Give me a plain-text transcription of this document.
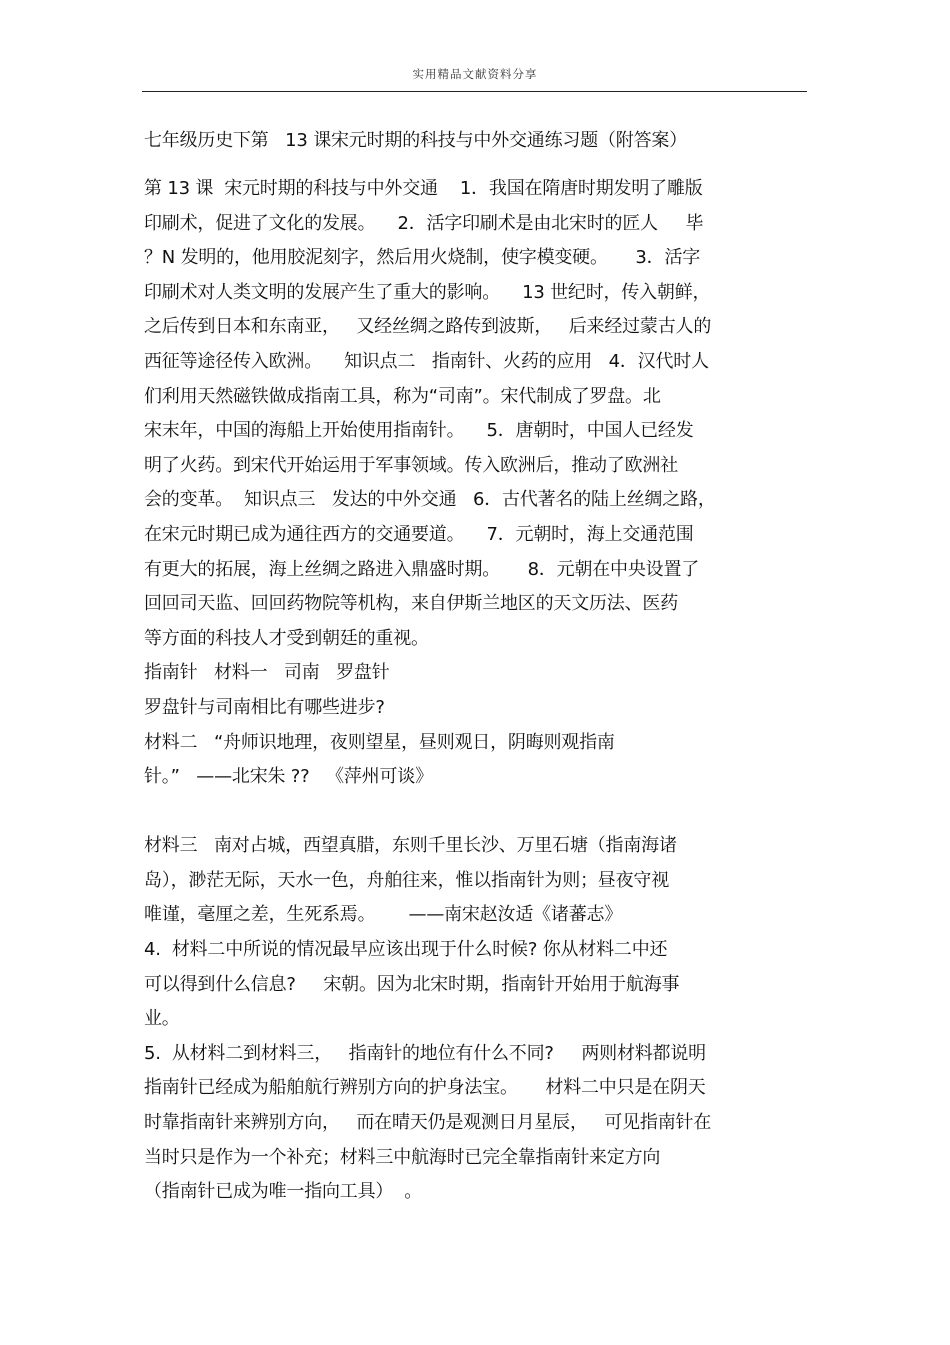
实用精品文献资料分享
七年级历史下第   13 课宋元时期的科技与中外交通练习题（附答案）
第 13 课  宋元时期的科技与中外交通    1．我国在隋唐时期发明了雕版
印刷术，促进了文化的发展。    2．活字印刷术是由北宋时的匠人     毕
？N 发明的，他用胶泥刻字，然后用火烧制，使字模变硬。     3．活字
印刷术对人类文明的发展产生了重大的影响。    13 世纪时，传入朝鲜，
之后传到日本和东南亚，   又经丝绸之路传到波斯，   后来经过蒙古人的
西征等途径传入欧洲。    知识点二   指南针、火药的应用   4．汉代时人
们利用天然磁铁做成指南工具，称为“司南”。宋代制成了罗盘。北
宋末年，中国的海船上开始使用指南针。    5．唐朝时，中国人已经发
明了火药。到宋代开始运用于军事领域。传入欧洲后，推动了欧洲社
会的变革。  知识点三   发达的中外交通   6．古代著名的陆上丝绸之路，
在宋元时期已成为通往西方的交通要道。    7．元朝时，海上交通范围
有更大的拓展，海上丝绸之路进入鼎盛时期。     8．元朝在中央设置了
回回司天监、回回药物院等机构，来自伊斯兰地区的天文历法、医药
等方面的科技人才受到朝廷的重视。
指南针   材料一   司南   罗盘针
罗盘针与司南相比有哪些进步?
材料二   “舟师识地理，夜则望星，昼则观日，阴晦则观指南
针。”   ——北宋朱 ??   《萍州可谈》
材料三   南对占城，西望真腊，东则千里长沙、万里石塘（指南海诸
岛），渺茫无际，天水一色，舟舶往来，惟以指南针为则；昼夜守视
唯谨，毫厘之差，生死系焉。      ——南宋赵汝适《诸蕃志》
4.  材料二中所说的情况最早应该出现于什么时候? 你从材料二中还
可以得到什么信息?     宋朝。因为北宋时期，指南针开始用于航海事
业。
5.  从材料二到材料三，   指南针的地位有什么不同?     两则材料都说明
指南针已经成为船舶航行辨别方向的护身法宝。     材料二中只是在阴天
时靠指南针来辨别方向，   而在晴天仍是观测日月星辰，   可见指南针在
当时只是作为一个补充；材料三中航海时已完全靠指南针来定方向
（指南针已成为唯一指向工具）  。
